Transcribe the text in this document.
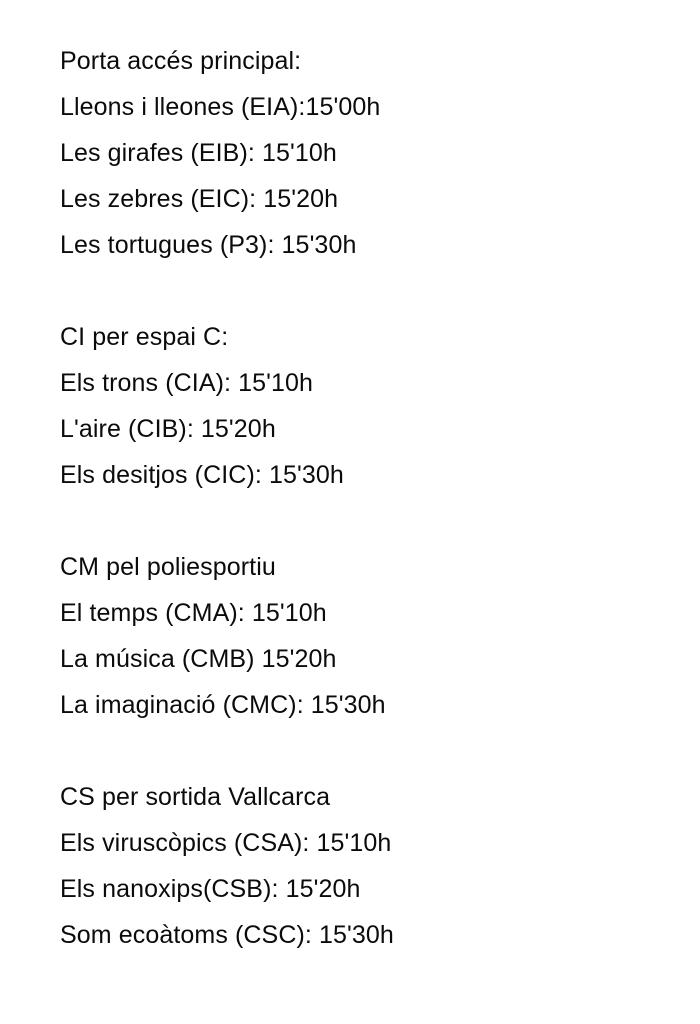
Porta accés principal:
Lleons i lleones (EIA):15'00h
Les girafes (EIB): 15'10h
Les zebres (EIC): 15'20h
Les tortugues (P3): 15'30h
CI per espai C:
Els trons (CIA): 15'10h
L'aire (CIB): 15'20h
Els desitjos (CIC): 15'30h
CM pel poliesportiu
El temps (CMA): 15'10h
La música (CMB) 15'20h
La imaginació (CMC): 15'30h
CS per sortida Vallcarca
Els viruscòpics (CSA): 15'10h
Els nanoxips(CSB): 15'20h
Som ecoàtoms (CSC): 15'30h
